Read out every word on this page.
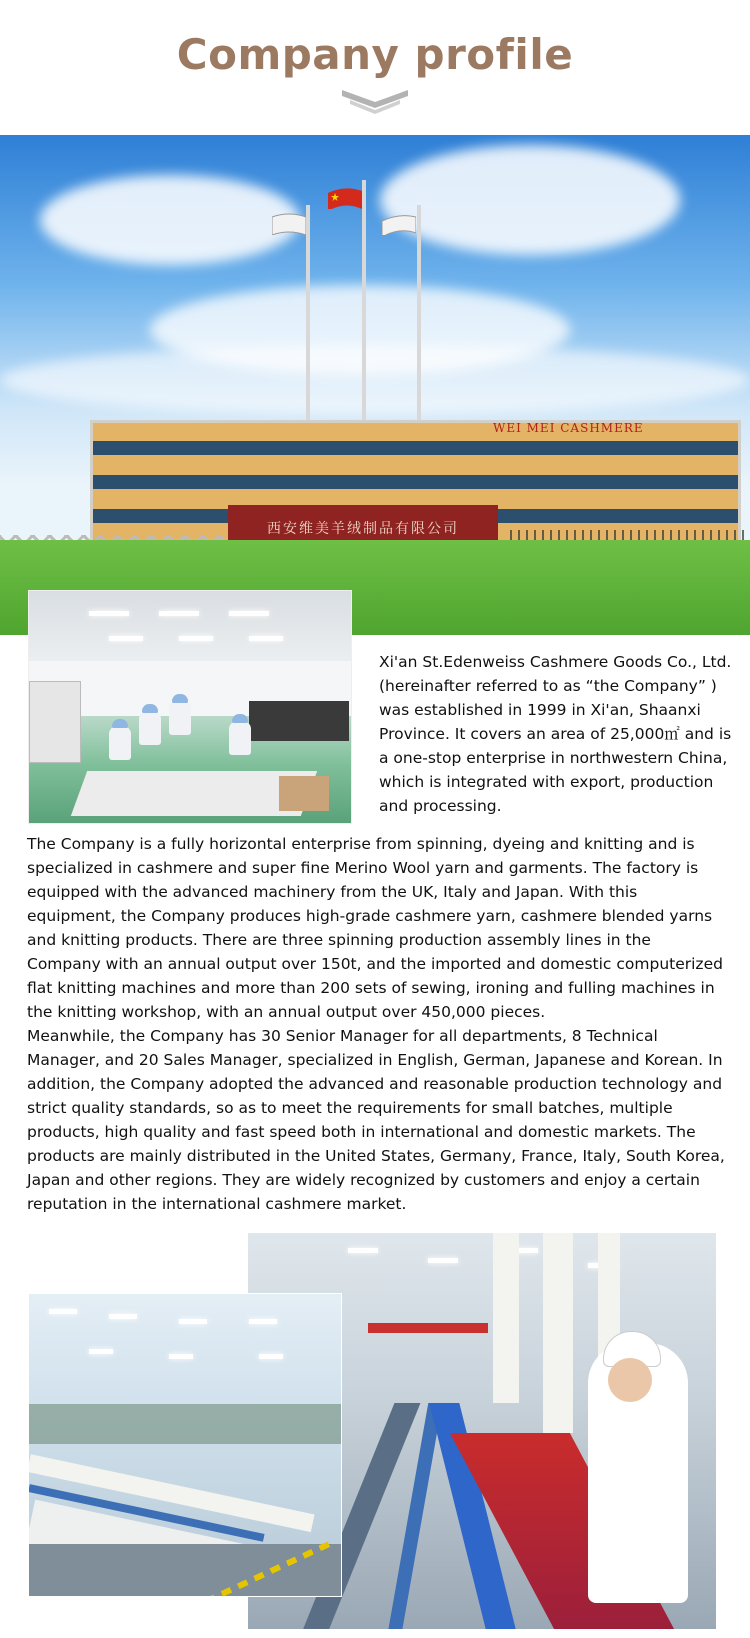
Company profile
WEI MEI CASHMERE
西安维美羊绒制品有限公司
Xi'an St.Edenweiss Cashmere Goods Co., Ltd. (hereinafter referred to as “the Company” ) was established in 1999 in Xi'an, Shaanxi Province. It covers an area of 25,000㎡ and is a one-stop enterprise in northwestern China, which is integrated with export, production and processing.

The Company is a fully horizontal enterprise from spinning, dyeing and knitting and is specialized in cashmere and super fine Merino Wool yarn and garments. The factory is equipped with the advanced machinery from the UK, Italy and Japan. With this equipment, the Company produces high-grade cashmere yarn, cashmere blended yarns and knitting products. There are three spinning production assembly lines in the Company with an annual output over 150t, and the imported and domestic computerized flat knitting machines and more than 200 sets of sewing, ironing and fulling machines in the knitting workshop, with an annual output over 450,000 pieces.

Meanwhile, the Company has 30 Senior Manager for all departments, 8 Technical Manager, and 20 Sales Manager, specialized in English, German, Japanese and Korean. In addition, the Company adopted the advanced and reasonable production technology and strict quality standards, so as to meet the requirements for small batches, multiple products, high quality and fast speed both in international and domestic markets. The products are mainly distributed in the United States, Germany, France, Italy, South Korea, Japan and other regions. They are widely recognized by customers and enjoy a certain reputation in the international cashmere market.
